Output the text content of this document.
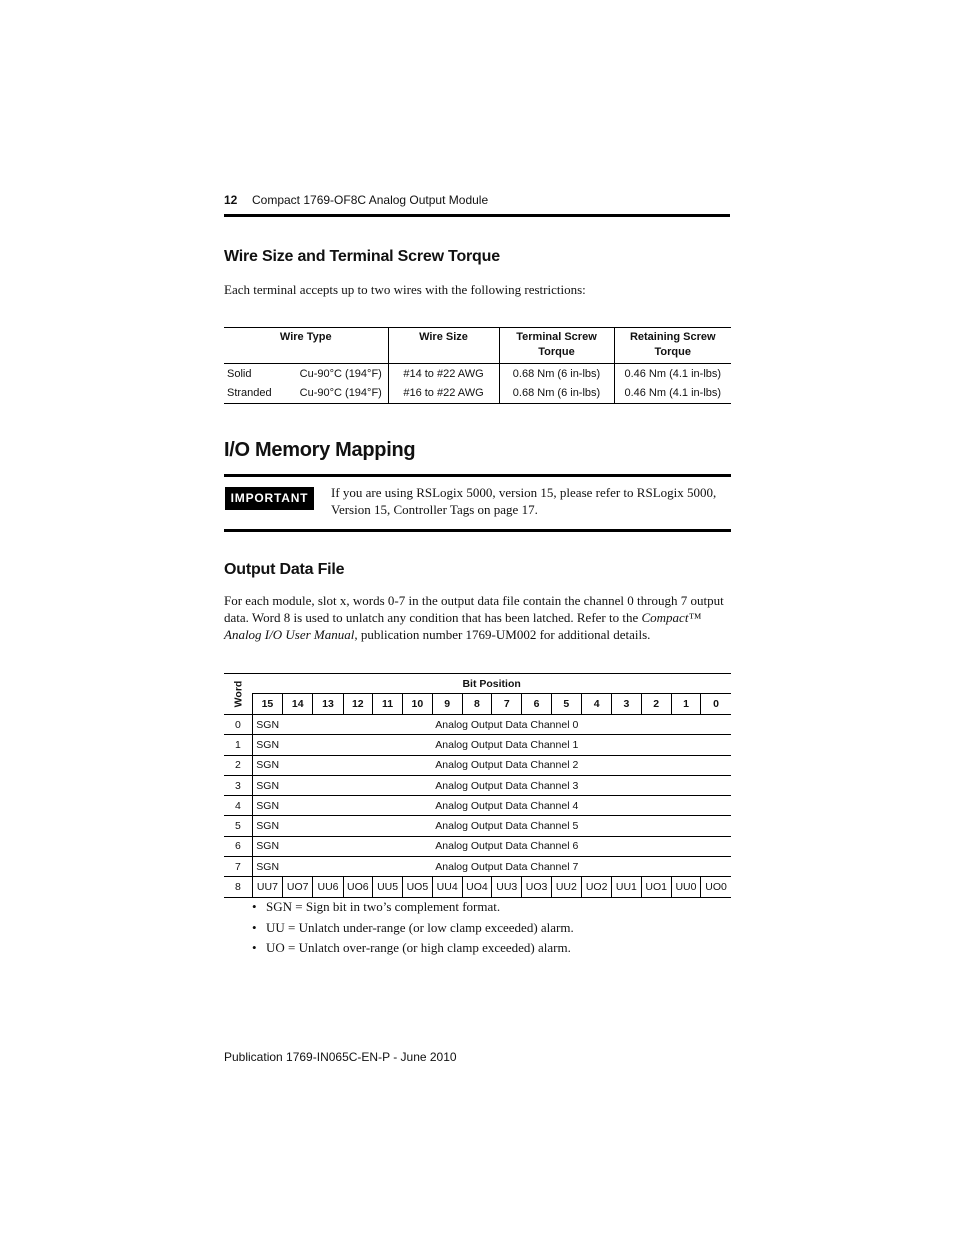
12 Compact 1769-OF8C Analog Output Module
Wire Size and Terminal Screw Torque
Each terminal accepts up to two wires with the following restrictions:
Wire Type		Wire Size	Terminal Screw Torque	Retaining Screw Torque
Solid	Cu-90°C (194°F)	#14 to #22 AWG	0.68 Nm (6 in-lbs)	0.46 Nm (4.1 in-lbs)
Stranded	Cu-90°C (194°F)	#16 to #22 AWG	0.68 Nm (6 in-lbs)	0.46 Nm (4.1 in-lbs)
I/O Memory Mapping
IMPORTANT	If you are using RSLogix 5000, version 15, please refer to RSLogix 5000, Version 15, Controller Tags on page 17.
Output Data File
For each module, slot x, words 0-7 in the output data file contain the channel 0 through 7 output data. Word 8 is used to unlatch any condition that has been latched. Refer to the Compact™ Analog I/O User Manual, publication number 1769-UM002 for additional details.
Word	Bit Position															
	15	14	13	12	11	10	9	8	7	6	5	4	3	2	1	0
0	SGN	Analog Output Data Channel 0														
1	SGN	Analog Output Data Channel 1														
2	SGN	Analog Output Data Channel 2														
3	SGN	Analog Output Data Channel 3														
4	SGN	Analog Output Data Channel 4														
5	SGN	Analog Output Data Channel 5														
6	SGN	Analog Output Data Channel 6														
7	SGN	Analog Output Data Channel 7														
8	UU7	UO7	UU6	UO6	UU5	UO5	UU4	UO4	UU3	UO3	UU2	UO2	UU1	UO1	UU0	UO0
• SGN = Sign bit in two’s complement format.
• UU = Unlatch under-range (or low clamp exceeded) alarm.
• UO = Unlatch over-range (or high clamp exceeded) alarm.
Publication 1769-IN065C-EN-P - June 2010
